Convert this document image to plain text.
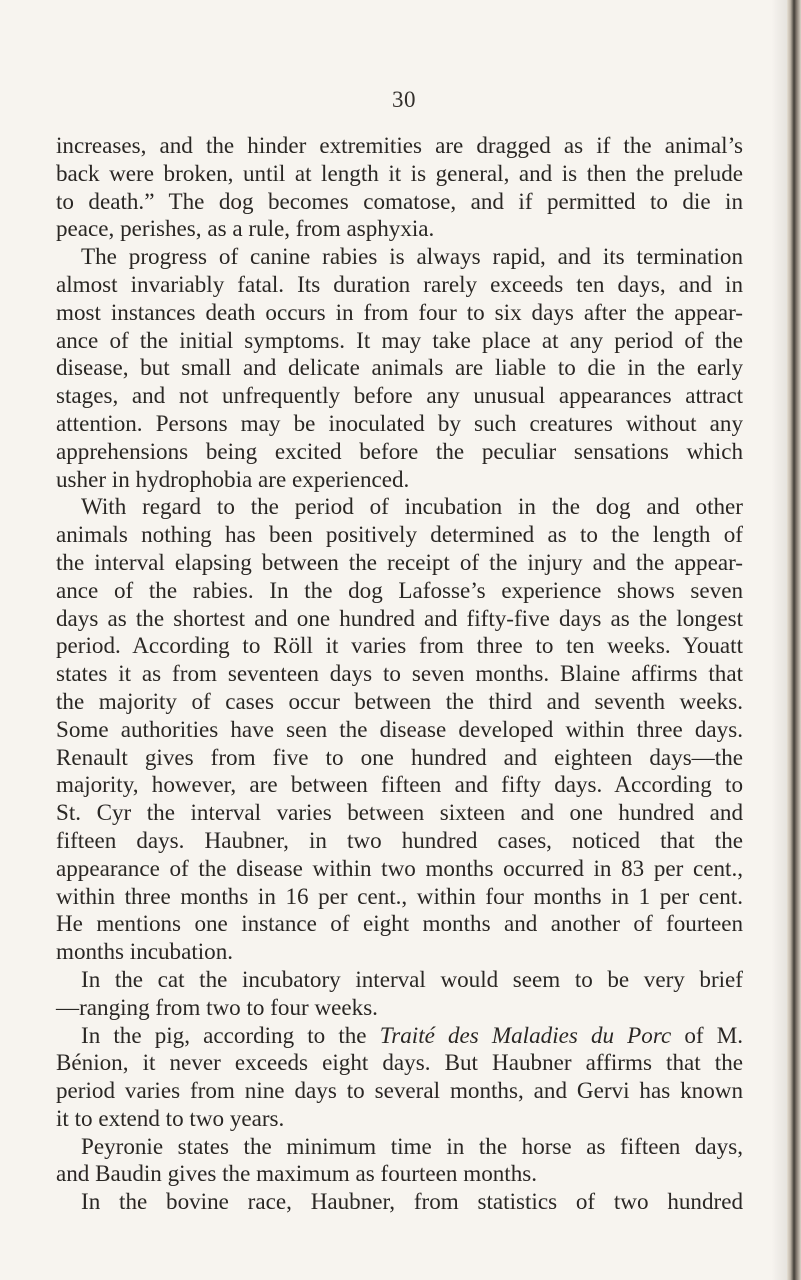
30
increases, and the hinder extremities are dragged as if the animal’s
back were broken, until at length it is general, and is then the prelude
to death.” The dog becomes comatose, and if permitted to die in
peace, perishes, as a rule, from asphyxia.
The progress of canine rabies is always rapid, and its termination
almost invariably fatal. Its duration rarely exceeds ten days, and in
most instances death occurs in from four to six days after the appear-
ance of the initial symptoms. It may take place at any period of the
disease, but small and delicate animals are liable to die in the early
stages, and not unfrequently before any unusual appearances attract
attention. Persons may be inoculated by such creatures without any
apprehensions being excited before the peculiar sensations which
usher in hydrophobia are experienced.
With regard to the period of incubation in the dog and other
animals nothing has been positively determined as to the length of
the interval elapsing between the receipt of the injury and the appear-
ance of the rabies. In the dog Lafosse’s experience shows seven
days as the shortest and one hundred and fifty-five days as the longest
period. According to Röll it varies from three to ten weeks. Youatt
states it as from seventeen days to seven months. Blaine affirms that
the majority of cases occur between the third and seventh weeks.
Some authorities have seen the disease developed within three days.
Renault gives from five to one hundred and eighteen days—the
majority, however, are between fifteen and fifty days. According to
St. Cyr the interval varies between sixteen and one hundred and
fifteen days. Haubner, in two hundred cases, noticed that the
appearance of the disease within two months occurred in 83 per cent.,
within three months in 16 per cent., within four months in 1 per cent.
He mentions one instance of eight months and another of fourteen
months incubation.
In the cat the incubatory interval would seem to be very brief
—ranging from two to four weeks.
In the pig, according to the Traité des Maladies du Porc of M.
Bénion, it never exceeds eight days. But Haubner affirms that the
period varies from nine days to several months, and Gervi has known
it to extend to two years.
Peyronie states the minimum time in the horse as fifteen days,
and Baudin gives the maximum as fourteen months.
In the bovine race, Haubner, from statistics of two hundred
